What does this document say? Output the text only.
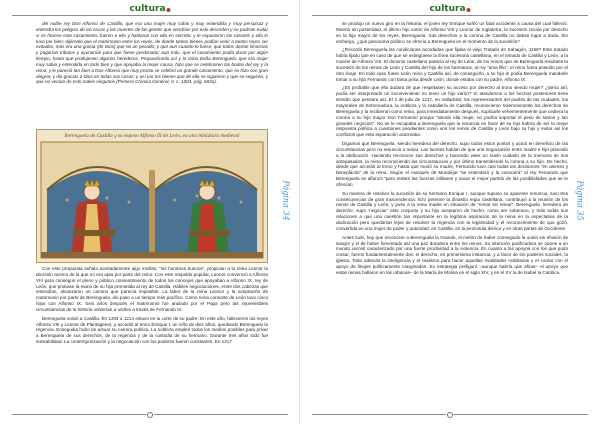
cultura

del noble rey Don Alfonso de Castilla, que era una mujer muy sabia y muy entendida y muy perspicaz y entendía los peligros de las cosas y las muertes de las gentes que vendrían por este desorden y se podrían evitar si se hiciese este casamiento, fueron a ella y hablaron con ella en secreto; y le expusieron las razones y ella lo tuvo por bien; dijéronle que el matrimonio entre los reyes, de donde tantos bienes podían venir a tantos reyes ser evitados, más era una gracia (de Dios) que no un pecado; y que aun cuando lo fuese, que todos darían limosnas y pagarían tributos y ayunarían para que fuese perdonado; aun más, que el casamiento podía durar por algún tiempo, hasta que produjesen algunos herederos. Propusiéronlo así y la reina Doña Berenguela, que era mujer muy sabia y entendida en todo bien y que apoyaba la mejor causa, hizo que se celebrasen las bodas del rey y la reina; y le pareció tan bien a Don Alfonso que muy pronto se celebró un grande casamiento, que se hizo con gran alegría; y dio gracias a Dios en todas sus cosas; y así por los bienes que de ello se siguieron y que se seguirán, y que no venían de esto males ningunos (Primera Crónica General, II, c. 1004, pág. 683a).

Berenguela de Castilla y su esposo Alfonso IX de León, en una miniatura medieval

Con este propuesta señala acertadamente algo insólito, “los hombres buenos”, propician a la reina Leonor la decisión acerca de la que no era apta por parte del reino. Con este respaldo popular, Leonor convenció a Alfonso VIII para conseguir el pleno y público consentimiento de todos los concejos que apoyaban a Alfonso IX, rey de León, que probase la mano de su hija prometida al rey de Castilla. Hábiles negociaciones, entre dos cabezas que entendían, alcanzaron un camino que parecía imposible. La labor de la reina Leonor y la aceptación de matrimonio por parte de Berenguela, dio paso a un tiempo más pacífico. Como reina consorte de León tuvo cinco hijos con Alfonso IX. Seis años después el matrimonio fue anulado por el Papa pero las imprevisibles circunstancias de la historia volverían a unirles a través de Fernando III.

Berenguela volvió a Castilla. En 1204 a 1214 estuvo en la corte de su padre. En este año, fallecieron los reyes Alfonso VIII y Leonor de Plantagenet, y accedió al trono Enrique I, un niño de diez años, quedando Berenguela la regencia. Ensegudia hubo de actuar su carrera política. La nobleza empleó todos los medios posibles para privar a Berenguela de sus derechos, de la regencia y de la custodia de su hermano. Durante tres años todo fue inestabilidad. La contemporización y la negociación con los poderes fueron constantes. En 1217

Página 34
cultura

se produjo un nuevo giro en la historia, el joven rey Enrique sufrió un fatal accidente a causa del cual falleció. Muerto sin posteridad, el último hijo varón de Alfonso VIII y Leonor de Inglaterra, la sucesión recaía por derecho en la hija mayor de los reyes, Berenguela. Sus derechos a la corona de Castilla no daban lugar a duda. Sin embargo, ¿qué panorama político se ofrecía a Berenguela en el momento de la sucesión?

¿Recordó Berenguela las condiciones acordadas que fijaba el viejo Tratado de Sahagún, 1158? Este tratado había fijado que en caso de que se extinguiese la línea sucesoria castellana, en el reinado de Castilla y León, a la muerte de Alfonso VIII. El dominio castellano pasaría al rey de León, de los reinos que de Berenguela resultase la sucesión de los reinos de León y Castilla del hijo de los hermanos, al rey “ama fillo”, el reino fuera poseído por el otro linaje. En todo caso fuese León reino y Castilla así, de conseguirlo, a su hijo le podía Berenguela mandarle tomar a su hijo Fernando con tanta prisa desde León, donde estaba con su padre, Alfonso IX.

¿Es probable que ella dudara de que respetasen su acceso por derecho al trono siendo mujer? ¿Sería así; podía ser interpretado un inconveniente no tener un hijo varón? Si atendemos a los hechos posteriores tiene sentido que pensara así. El 2 de julio de 1217, en Valladolid, los representantes del pueblo de las ciudades, los mayorales de Extremadura, la nobleza y la caballería de Castilla, reconocieron solemnemente los derechos de Berenguela y la recibieron como reina, para inmediatamente después, suplicarle vehementemente que cediera la corona a su hijo mayor Don Fernando porque “siendo ella mujer, no podría soportar el peso de tantos y tan grandes negocios”. No se le escapaba a Berenguela que la renuncia en favor de su hijo habría de ser la mejor respuesta política a cuestiones pendientes como unir los reinos de Castilla y León bajo su hijo y evitar así los conflictos que esta separación acarreaba.

Digamos que Berenguela, siendo heredera del derecho, supo todos estos puntos y actuó en beneficio de las circunstancias pero no renunció a reinar. Las fuentes hablan de que una negociación entre madre e hijo precedió a la abdicación. Haciendo reconocer sus derechos y haciendo valer un suelo cuidado de la memoria de sus antepasados, la reina reconociendo las circunstancias y por último transmitiendo la corona a su hijo. De hecho, desde que accedió al trono y hasta que murió su madre, Fernando tuvo casi todas las decisiones “en asenso y beneplácito” de la reina. Según el marqués de Mondéjar “se entenderá y la conocerá” al rey Fernando que Berenguela se afianzó “para resistir las fuerzas militares y sacar el mejor partido de las posibilidades que se le ofrecían.

Su manera de resolver la sucesión de su hermano Enrique I, aunque supuso su aparente renuncia, tuvo tres consecuencias de gran trascendencia: hizo perenne la dinastía regia castellana, contribuyó a la reunión de los reinos de Castilla y León, y puso a la reina madre en situación de “reinar sin reinar”. Berenguela, heredera de derecho, supo ‘negociar’ este conjunto y su hijo aceptaron de hecho, como ser soberano, y más todas sus relaciones a que una cuestión tan importante en la legítima aspiración de la reina en la expectativa de la abdicación pero quedarían lejos de resolver la regencia con la legitimidad y el reconocimiento de que gozó, convertida en una mujer de poder y autoridad, en Castilla, en la península ibérica y en otras partes de Occidente.

Antes todo, hay que reconocer a Berenguela la Grande, el mérito de haber conseguido la unión sin efusión de sangre y el de haber fomentado así una paz duradera entre los reinos. Su intención pacificadora se opone a un mundo varonil caracterizado por una fuerte proclividad a la violencia. En cuanto a los apoyos con los que pudo contar, fueron fundamentalmente dos: el derecho, en primerísima instancia, y a favor de los poderes sociales, la iglesia. Todo además la inteligencia y el realismo para hacer aquellas rivalidades nobiliarias y el contar con el apoyo de linajes políticamente marginados. Su estrategia prefiguró –aunque habría que afinar– el apoyo que estas reinas hallaron en las urbanas– de la María de Molina en el siglo XIV, y en el XV la de Isabel la Católica.

Página 35
